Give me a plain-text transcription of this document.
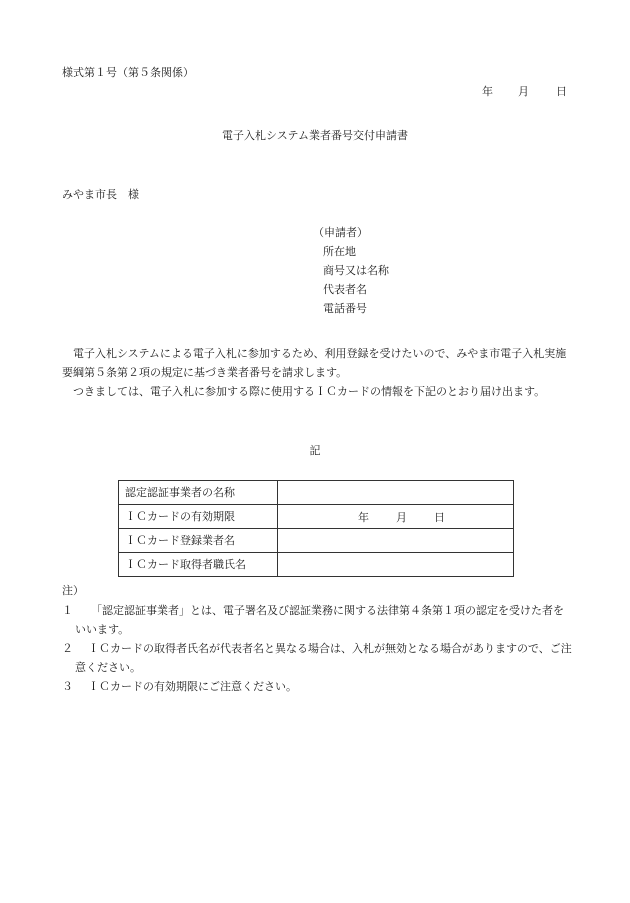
様式第１号（第５条関係）
年 月 日
電子入札システム業者番号交付申請書
みやま市長　様
（申請者）
所在地
商号又は名称
代表者名
電話番号

電子入札システムによる電子入札に参加するため、利用登録を受けたいので、みやま市電子入札実施要綱第５条第２項の規定に基づき業者番号を請求します。

つきましては、電子入札に参加する際に使用するＩＣカードの情報を下記のとおり届け出ます。

記
認定認証事業者の名称	
ＩＣカードの有効期限	年 月 日

ＩＣカード登録業者名	
ＩＣカード取得者職氏名	
注）
１	「認定認証事業者」とは、電子署名及び認証業務に関する法律第４条第１項の認定を受けた者をいいます。
２	ＩＣカードの取得者氏名が代表者名と異なる場合は、入札が無効となる場合がありますので、ご注意ください。
３	ＩＣカードの有効期限にご注意ください。
